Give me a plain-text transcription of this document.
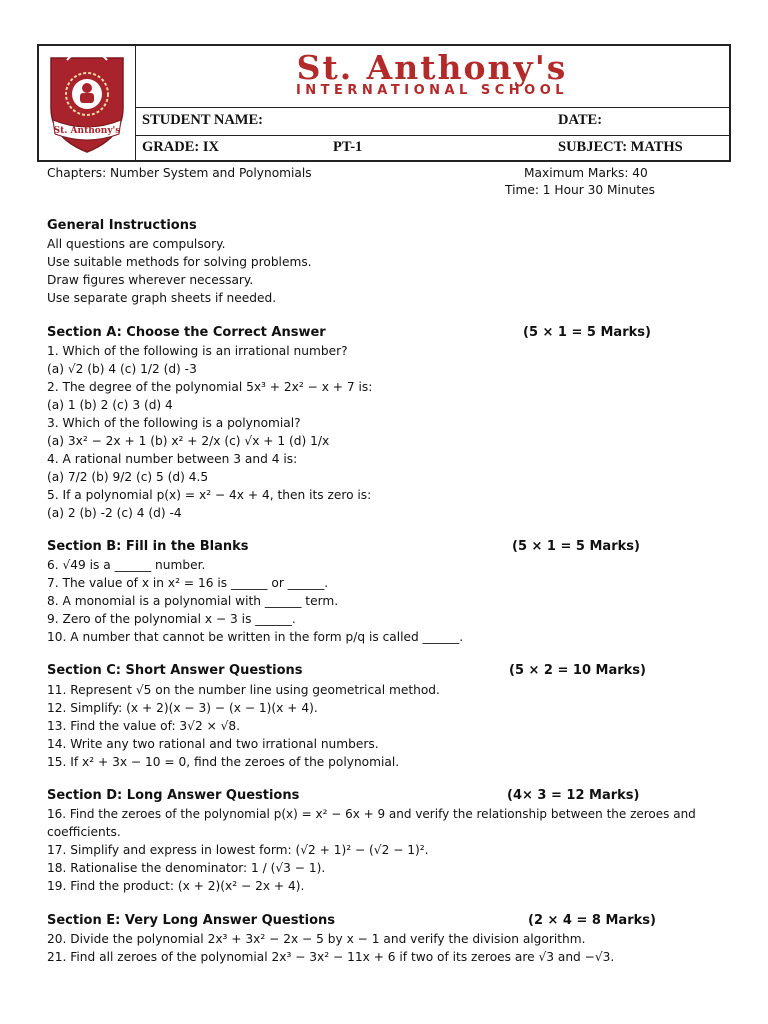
St. Anthony's
St. Anthony's
INTERNATIONAL SCHOOL
STUDENT NAME:	DATE:
GRADE: IX	PT-1	SUBJECT: MATHS
Chapters: Number System and Polynomials	Maximum Marks: 40
Time: 1 Hour 30 Minutes
General Instructions
All questions are compulsory.
Use suitable methods for solving problems.
Draw figures wherever necessary.
Use separate graph sheets if needed.
Section A: Choose the Correct Answer	(5 × 1 = 5 Marks)
1. Which of the following is an irrational number?
(a) √2 (b) 4 (c) 1/2 (d) -3
2. The degree of the polynomial 5x³ + 2x² − x + 7 is:
(a) 1 (b) 2 (c) 3 (d) 4
3. Which of the following is a polynomial?
(a) 3x² − 2x + 1 (b) x² + 2/x (c) √x + 1 (d) 1/x
4. A rational number between 3 and 4 is:
(a) 7/2 (b) 9/2 (c) 5 (d) 4.5
5. If a polynomial p(x) = x² − 4x + 4, then its zero is:
(a) 2 (b) -2 (c) 4 (d) -4
Section B: Fill in the Blanks	(5 × 1 = 5 Marks)
6. √49 is a ______ number.
7. The value of x in x² = 16 is ______ or ______.
8. A monomial is a polynomial with ______ term.
9. Zero of the polynomial x − 3 is ______.
10. A number that cannot be written in the form p/q is called ______.
Section C: Short Answer Questions	(5 × 2 = 10 Marks)
11. Represent √5 on the number line using geometrical method.
12. Simplify: (x + 2)(x − 3) − (x − 1)(x + 4).
13. Find the value of: 3√2 × √8.
14. Write any two rational and two irrational numbers.
15. If x² + 3x − 10 = 0, find the zeroes of the polynomial.
Section D: Long Answer Questions	(4× 3 = 12 Marks)
16. Find the zeroes of the polynomial p(x) = x² − 6x + 9 and verify the relationship between the zeroes and
coefficients.
17. Simplify and express in lowest form: (√2 + 1)² − (√2 − 1)².
18. Rationalise the denominator: 1 / (√3 − 1).
19. Find the product: (x + 2)(x² − 2x + 4).
Section E: Very Long Answer Questions	(2 × 4 = 8 Marks)
20. Divide the polynomial 2x³ + 3x² − 2x − 5 by x − 1 and verify the division algorithm.
21. Find all zeroes of the polynomial 2x³ − 3x² − 11x + 6 if two of its zeroes are √3 and −√3.
